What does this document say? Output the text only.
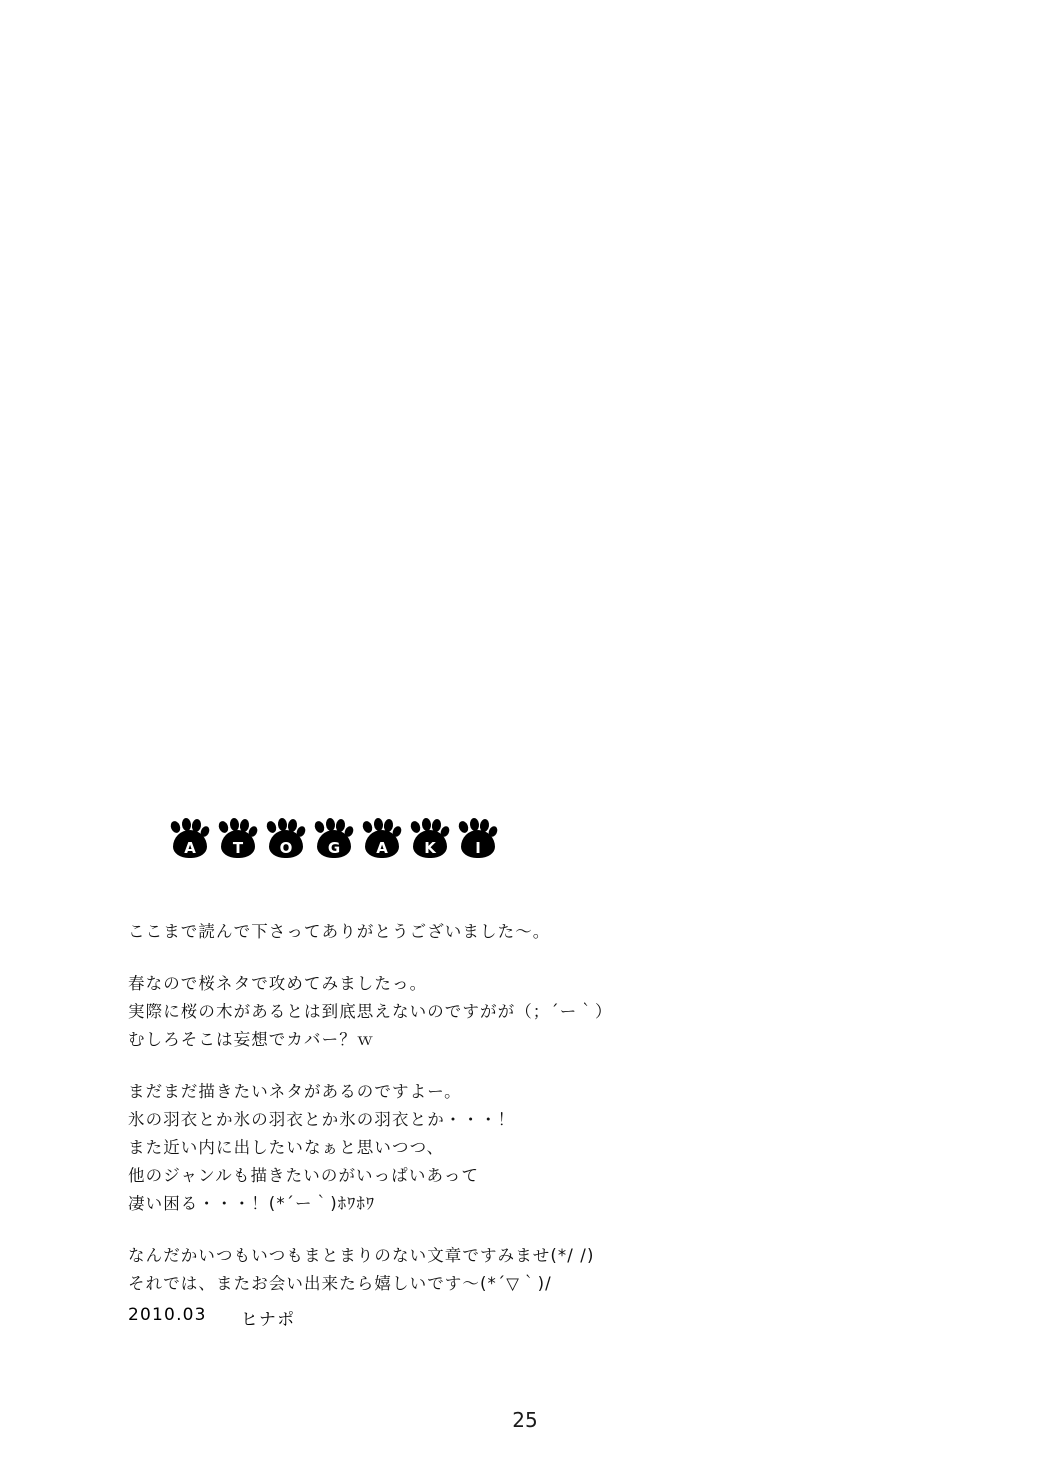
A T O G A K	I
ここまで読んで下さってありがとうございました～。
春なので桜ネタで攻めてみましたっ。
実際に桜の木があるとは到底思えないのですがが（；´ー｀）
むしろそこは妄想でカバー？ｗ
まだまだ描きたいネタがあるのですよー。
氷の羽衣とか氷の羽衣とか氷の羽衣とか・・・！
また近い内に出したいなぁと思いつつ、
他のジャンルも描きたいのがいっぱいあって
凄い困る・・・！(*´ー｀)ﾎﾜﾎﾜ
なんだかいつもいつもまとまりのない文章ですみませ(*/ /)
それでは、またお会い出来たら嬉しいです～(*´▽｀)/
2010.03 ヒナポ
25
